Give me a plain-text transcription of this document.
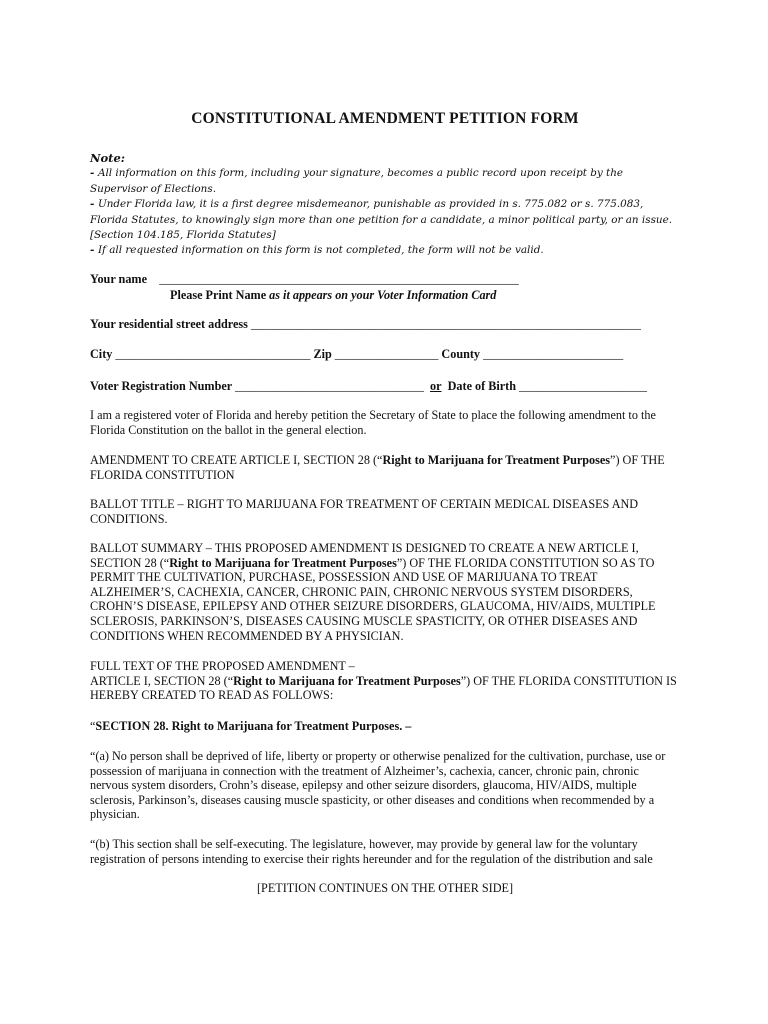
CONSTITUTIONAL AMENDMENT PETITION FORM
Note:
- All information on this form, including your signature, becomes a public record upon receipt by the Supervisor of Elections.
- Under Florida law, it is a first degree misdemeanor, punishable as provided in s. 775.082 or s. 775.083, Florida Statutes, to knowingly sign more than one petition for a candidate, a minor political party, or an issue. [Section 104.185, Florida Statutes]
- If all requested information on this form is not completed, the form will not be valid.
Your name ___________________________________________________________
Please Print Name as it appears on your Voter Information Card
Your residential street address ________________________________________________________________
City ________________________________ Zip _________________ County _______________________
Voter Registration Number _______________________________ or Date of Birth _____________________
I am a registered voter of Florida and hereby petition the Secretary of State to place the following amendment to the Florida Constitution on the ballot in the general election.
AMENDMENT TO CREATE ARTICLE I, SECTION 28 (“Right to Marijuana for Treatment Purposes”) OF THE FLORIDA CONSTITUTION
BALLOT TITLE – RIGHT TO MARIJUANA FOR TREATMENT OF CERTAIN MEDICAL DISEASES AND CONDITIONS.
BALLOT SUMMARY – THIS PROPOSED AMENDMENT IS DESIGNED TO CREATE A NEW ARTICLE I, SECTION 28 (“Right to Marijuana for Treatment Purposes”) OF THE FLORIDA CONSTITUTION SO AS TO PERMIT THE CULTIVATION, PURCHASE, POSSESSION AND USE OF MARIJUANA TO TREAT ALZHEIMER’S, CACHEXIA, CANCER, CHRONIC PAIN, CHRONIC NERVOUS SYSTEM DISORDERS, CROHN’S DISEASE, EPILEPSY AND OTHER SEIZURE DISORDERS, GLAUCOMA, HIV/AIDS, MULTIPLE SCLEROSIS, PARKINSON’S, DISEASES CAUSING MUSCLE SPASTICITY, OR OTHER DISEASES AND CONDITIONS WHEN RECOMMENDED BY A PHYSICIAN.
FULL TEXT OF THE PROPOSED AMENDMENT –
ARTICLE I, SECTION 28 (“Right to Marijuana for Treatment Purposes”) OF THE FLORIDA CONSTITUTION IS HEREBY CREATED TO READ AS FOLLOWS:
“SECTION 28. Right to Marijuana for Treatment Purposes. –
“(a) No person shall be deprived of life, liberty or property or otherwise penalized for the cultivation, purchase, use or possession of marijuana in connection with the treatment of Alzheimer’s, cachexia, cancer, chronic pain, chronic nervous system disorders, Crohn’s disease, epilepsy and other seizure disorders, glaucoma, HIV/AIDS, multiple sclerosis, Parkinson’s, diseases causing muscle spasticity, or other diseases and conditions when recommended by a physician.
“(b) This section shall be self-executing. The legislature, however, may provide by general law for the voluntary registration of persons intending to exercise their rights hereunder and for the regulation of the distribution and sale
[PETITION CONTINUES ON THE OTHER SIDE]
